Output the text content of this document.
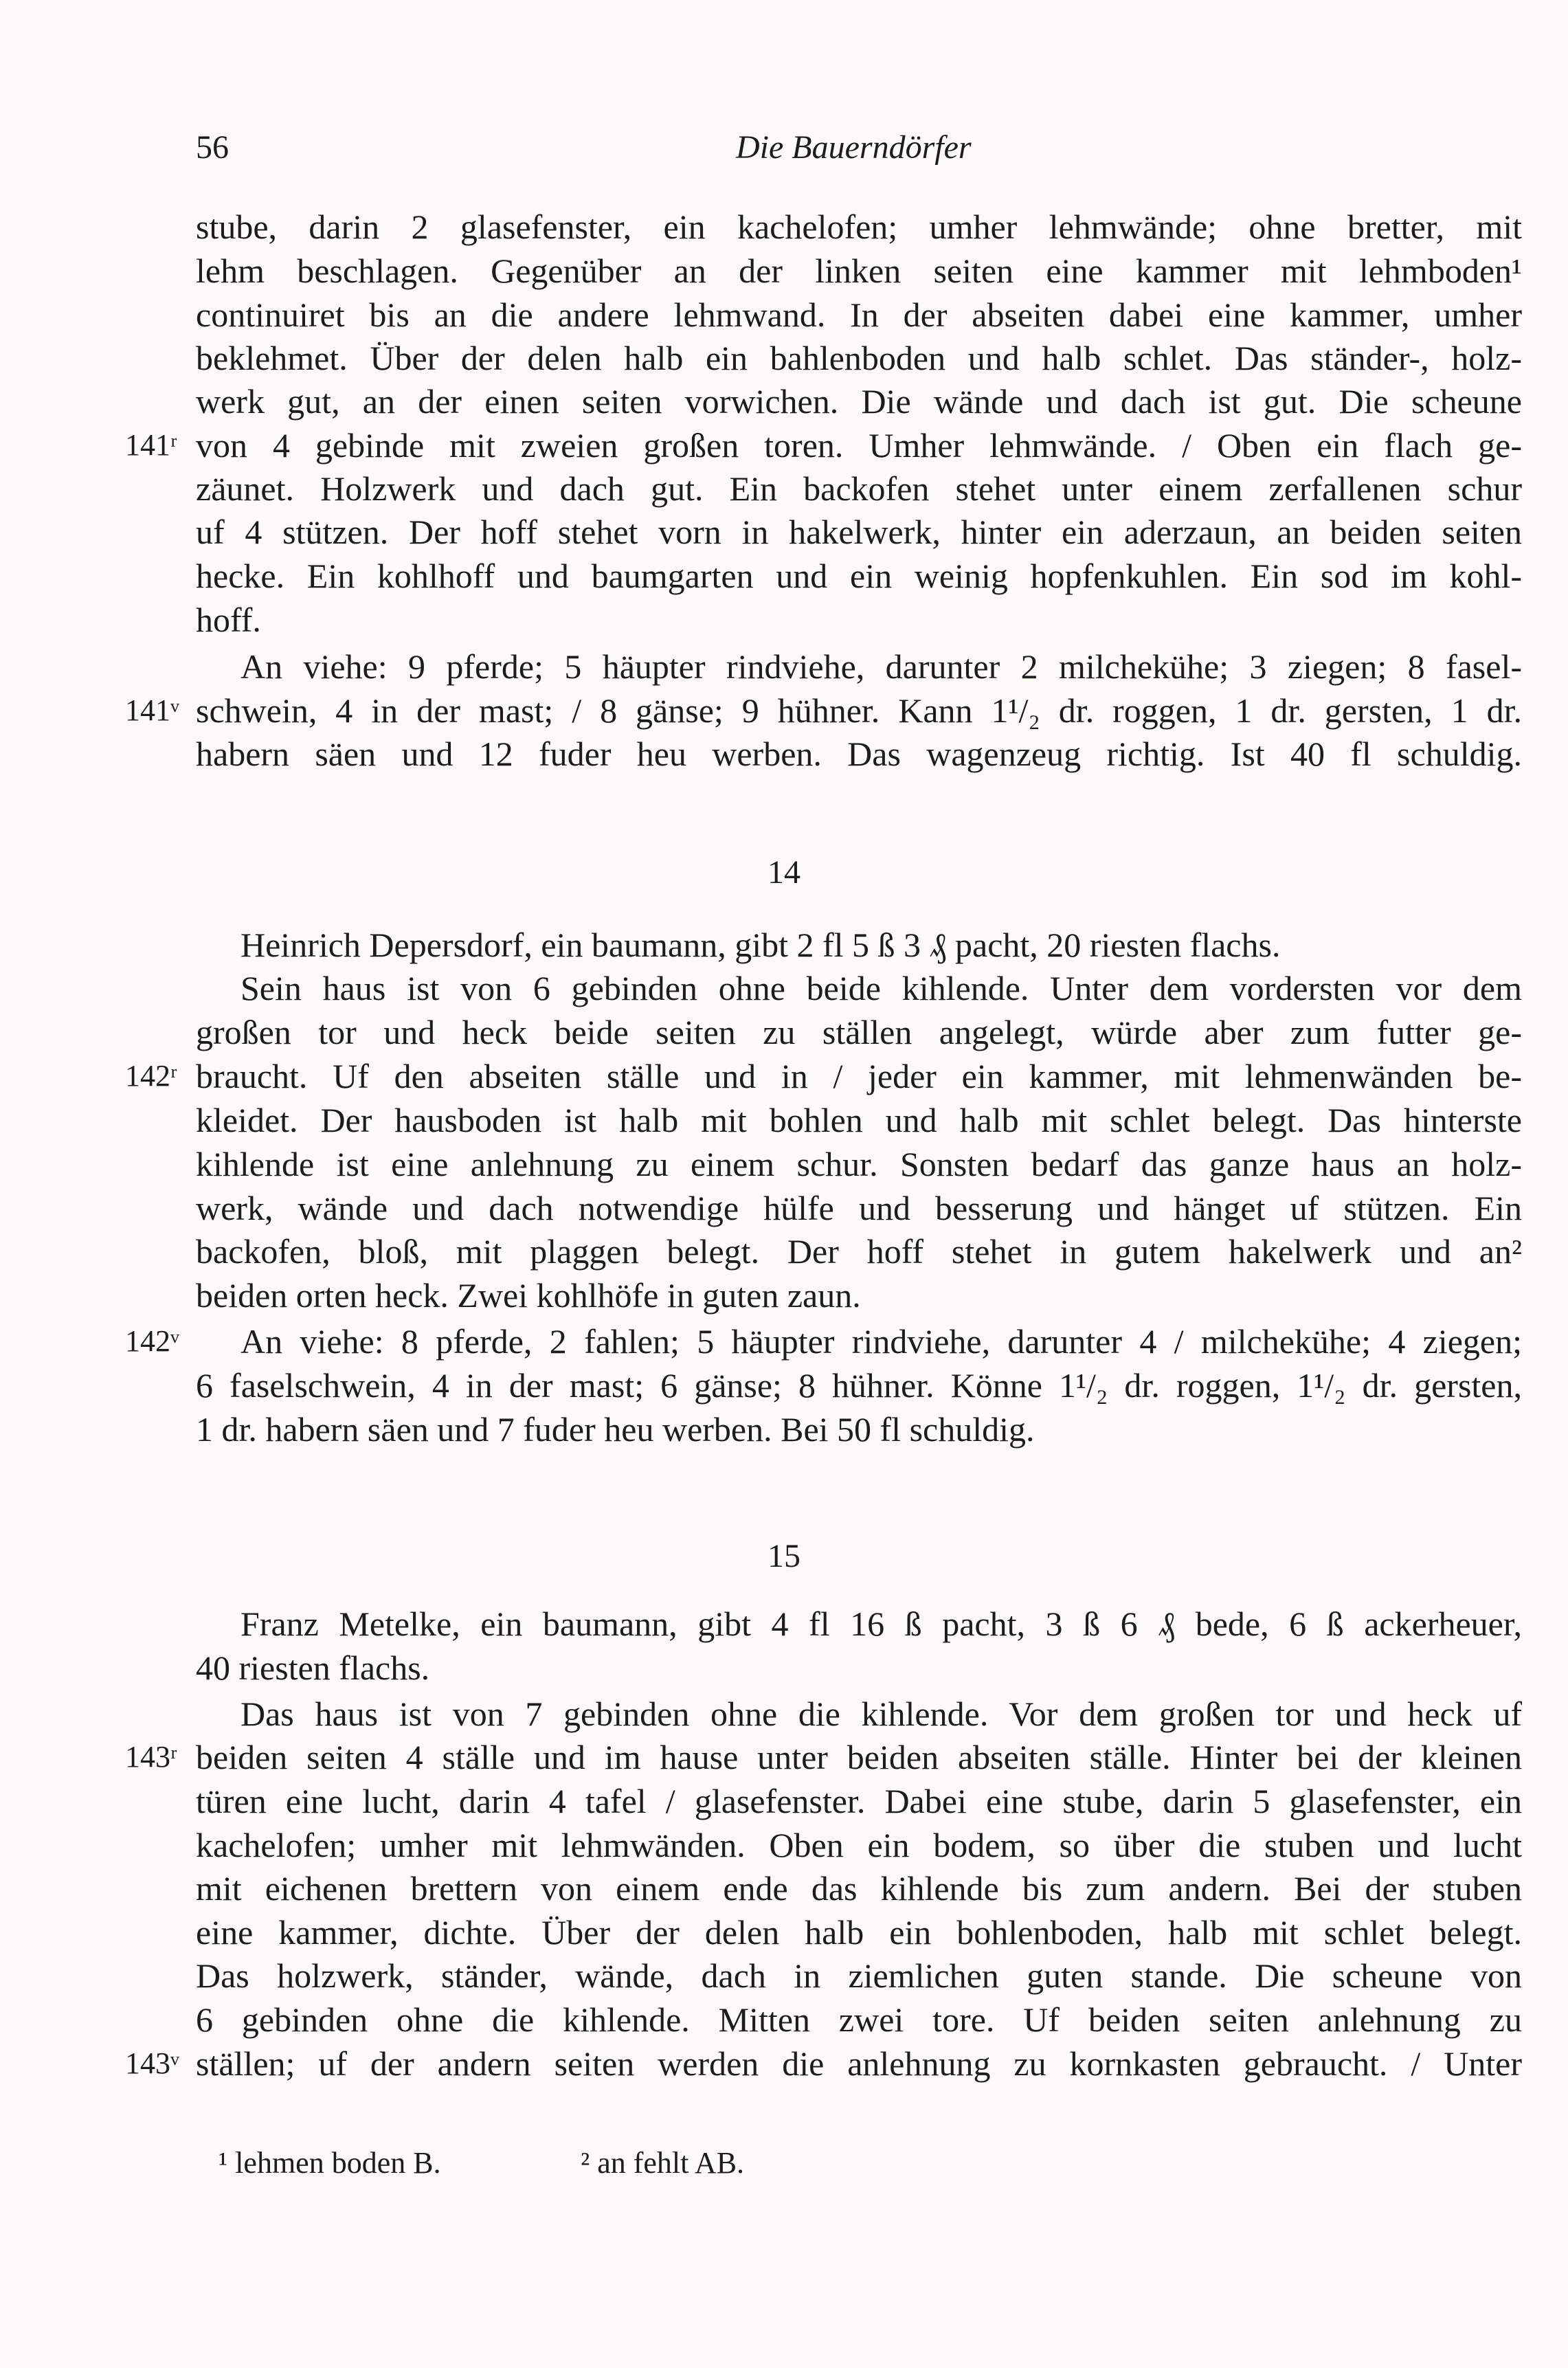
56	Die Bauerndörfer
stube, darin 2 glasefenster, ein kachelofen; umher lehmwände; ohne bretter, mit
lehm beschlagen. Gegenüber an der linken seiten eine kammer mit lehmboden¹
continuiret bis an die andere lehmwand. In der abseiten dabei eine kammer, umher
beklehmet. Über der delen halb ein bahlenboden und halb schlet. Das ständer-, holz-
werk gut, an der einen seiten vorwichen. Die wände und dach ist gut. Die scheune
von 4 gebinde mit zweien großen toren. Umher lehmwände. / Oben ein flach ge-
zäunet. Holzwerk und dach gut. Ein backofen stehet unter einem zerfallenen schur
uf 4 stützen. Der hoff stehet vorn in hakelwerk, hinter ein aderzaun, an beiden seiten
hecke. Ein kohlhoff und baumgarten und ein weinig hopfenkuhlen. Ein sod im kohl-
hoff.
An viehe: 9 pferde; 5 häupter rindviehe, darunter 2 milchekühe; 3 ziegen; 8 fasel-
schwein, 4 in der mast; / 8 gänse; 9 hühner. Kann 1¹/₂ dr. roggen, 1 dr. gersten, 1 dr.
habern säen und 12 fuder heu werben. Das wagenzeug richtig. Ist 40 fl schuldig.
14
Heinrich Depersdorf, ein baumann, gibt 2 fl 5 ß 3 ₰ pacht, 20 riesten flachs.
Sein haus ist von 6 gebinden ohne beide kihlende. Unter dem vordersten vor dem
großen tor und heck beide seiten zu ställen angelegt, würde aber zum futter ge-
braucht. Uf den abseiten ställe und in / jeder ein kammer, mit lehmenwänden be-
kleidet. Der hausboden ist halb mit bohlen und halb mit schlet belegt. Das hinterste
kihlende ist eine anlehnung zu einem schur. Sonsten bedarf das ganze haus an holz-
werk, wände und dach notwendige hülfe und besserung und hänget uf stützen. Ein
backofen, bloß, mit plaggen belegt. Der hoff stehet in gutem hakelwerk und an²
beiden orten heck. Zwei kohlhöfe in guten zaun.
An viehe: 8 pferde, 2 fahlen; 5 häupter rindviehe, darunter 4 / milchekühe; 4 ziegen;
6 faselschwein, 4 in der mast; 6 gänse; 8 hühner. Könne 1¹/₂ dr. roggen, 1¹/₂ dr. gersten,
1 dr. habern säen und 7 fuder heu werben. Bei 50 fl schuldig.
15
Franz Metelke, ein baumann, gibt 4 fl 16 ß pacht, 3 ß 6 ₰ bede, 6 ß ackerheuer,
40 riesten flachs.
Das haus ist von 7 gebinden ohne die kihlende. Vor dem großen tor und heck uf
beiden seiten 4 ställe und im hause unter beiden abseiten ställe. Hinter bei der kleinen
türen eine lucht, darin 4 tafel / glasefenster. Dabei eine stube, darin 5 glasefenster, ein
kachelofen; umher mit lehmwänden. Oben ein bodem, so über die stuben und lucht
mit eichenen brettern von einem ende das kihlende bis zum andern. Bei der stuben
eine kammer, dichte. Über der delen halb ein bohlenboden, halb mit schlet belegt.
Das holzwerk, ständer, wände, dach in ziemlichen guten stande. Die scheune von
6 gebinden ohne die kihlende. Mitten zwei tore. Uf beiden seiten anlehnung zu
ställen; uf der andern seiten werden die anlehnung zu kornkasten gebraucht. / Unter
141ʳ
141ᵛ
142ʳ
142ᵛ
143ʳ
143ᵛ
¹ lehmen boden B.	² an fehlt AB.
